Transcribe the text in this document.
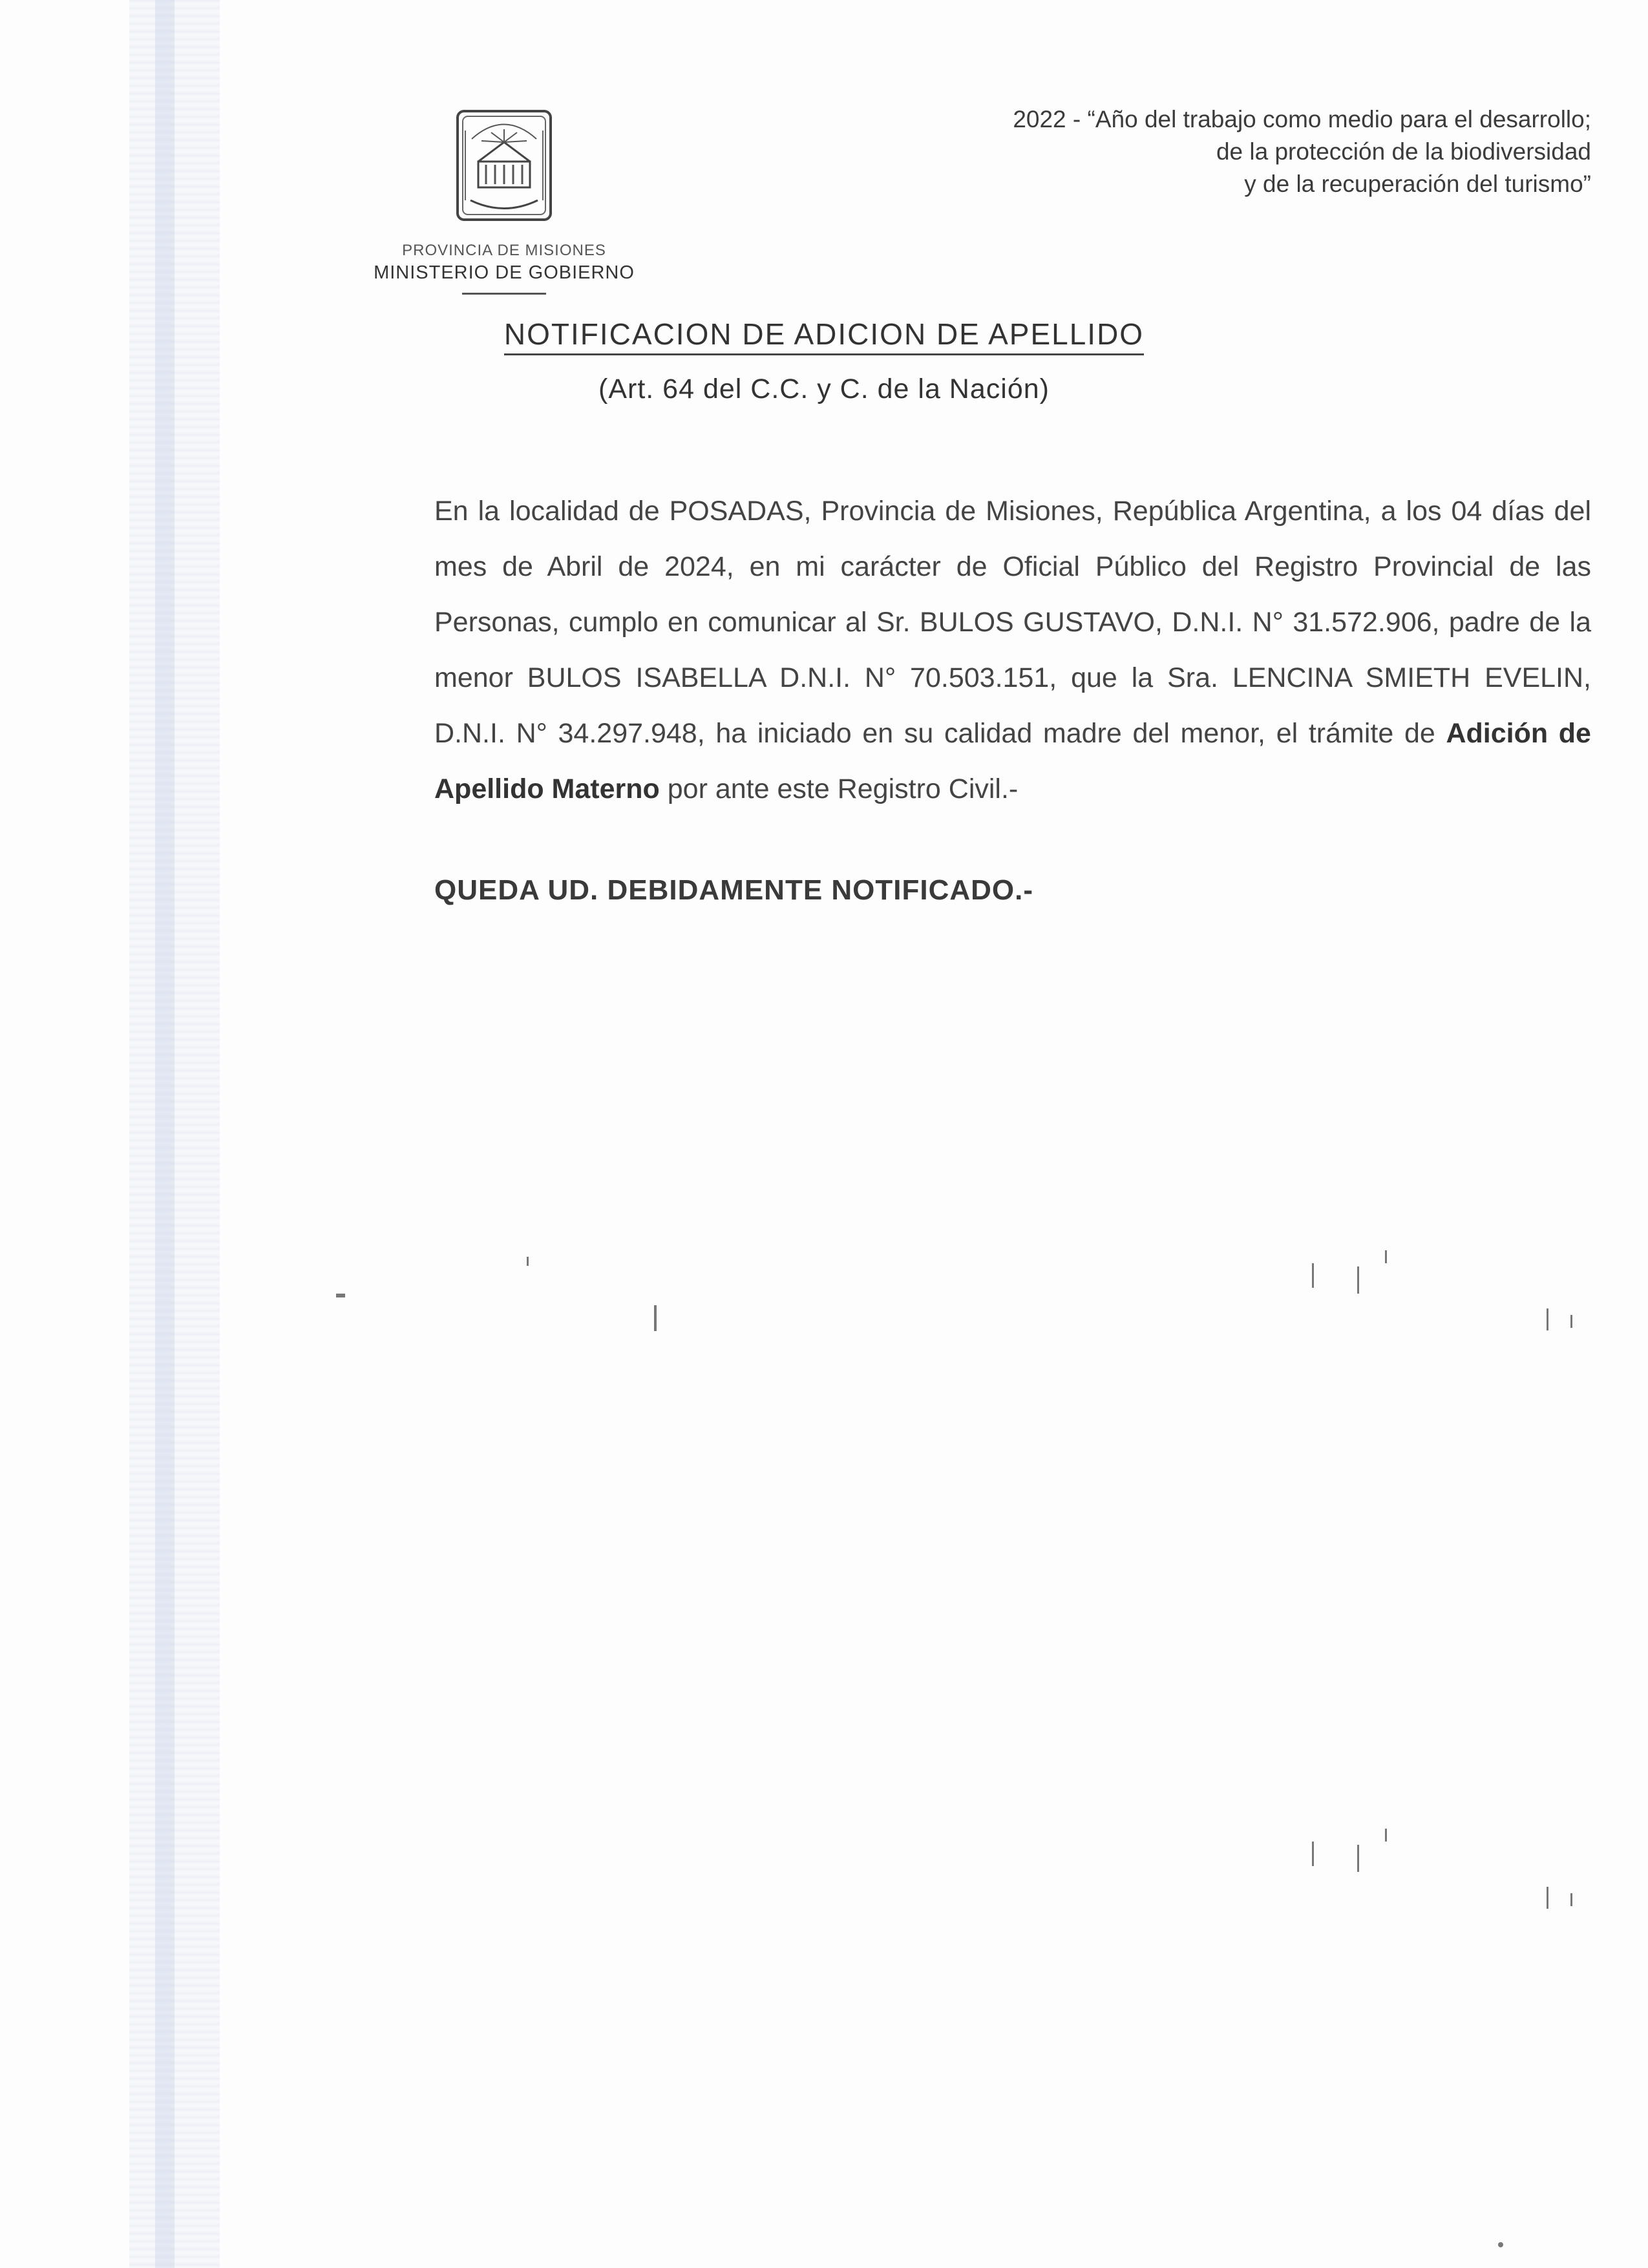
PROVINCIA DE MISIONES
MINISTERIO DE GOBIERNO
2022 - “Año del trabajo como medio para el desarrollo;
de la protección de la biodiversidad
y de la recuperación del turismo”
NOTIFICACION DE ADICION DE APELLIDO
(Art. 64 del C.C. y C. de la Nación)
En la localidad de POSADAS, Provincia de Misiones, República Argentina, a los 04 días del mes de Abril de 2024, en mi carácter de Oficial Público del Registro Provincial de las Personas, cumplo en comunicar al Sr. BULOS GUSTAVO, D.N.I. N° 31.572.906, padre de la menor BULOS ISABELLA D.N.I. N° 70.503.151, que la Sra. LENCINA SMIETH EVELIN, D.N.I. N° 34.297.948, ha iniciado en su calidad madre del menor, el trámite de Adición de Apellido Materno por ante este Registro Civil.-
QUEDA UD. DEBIDAMENTE NOTIFICADO.-
